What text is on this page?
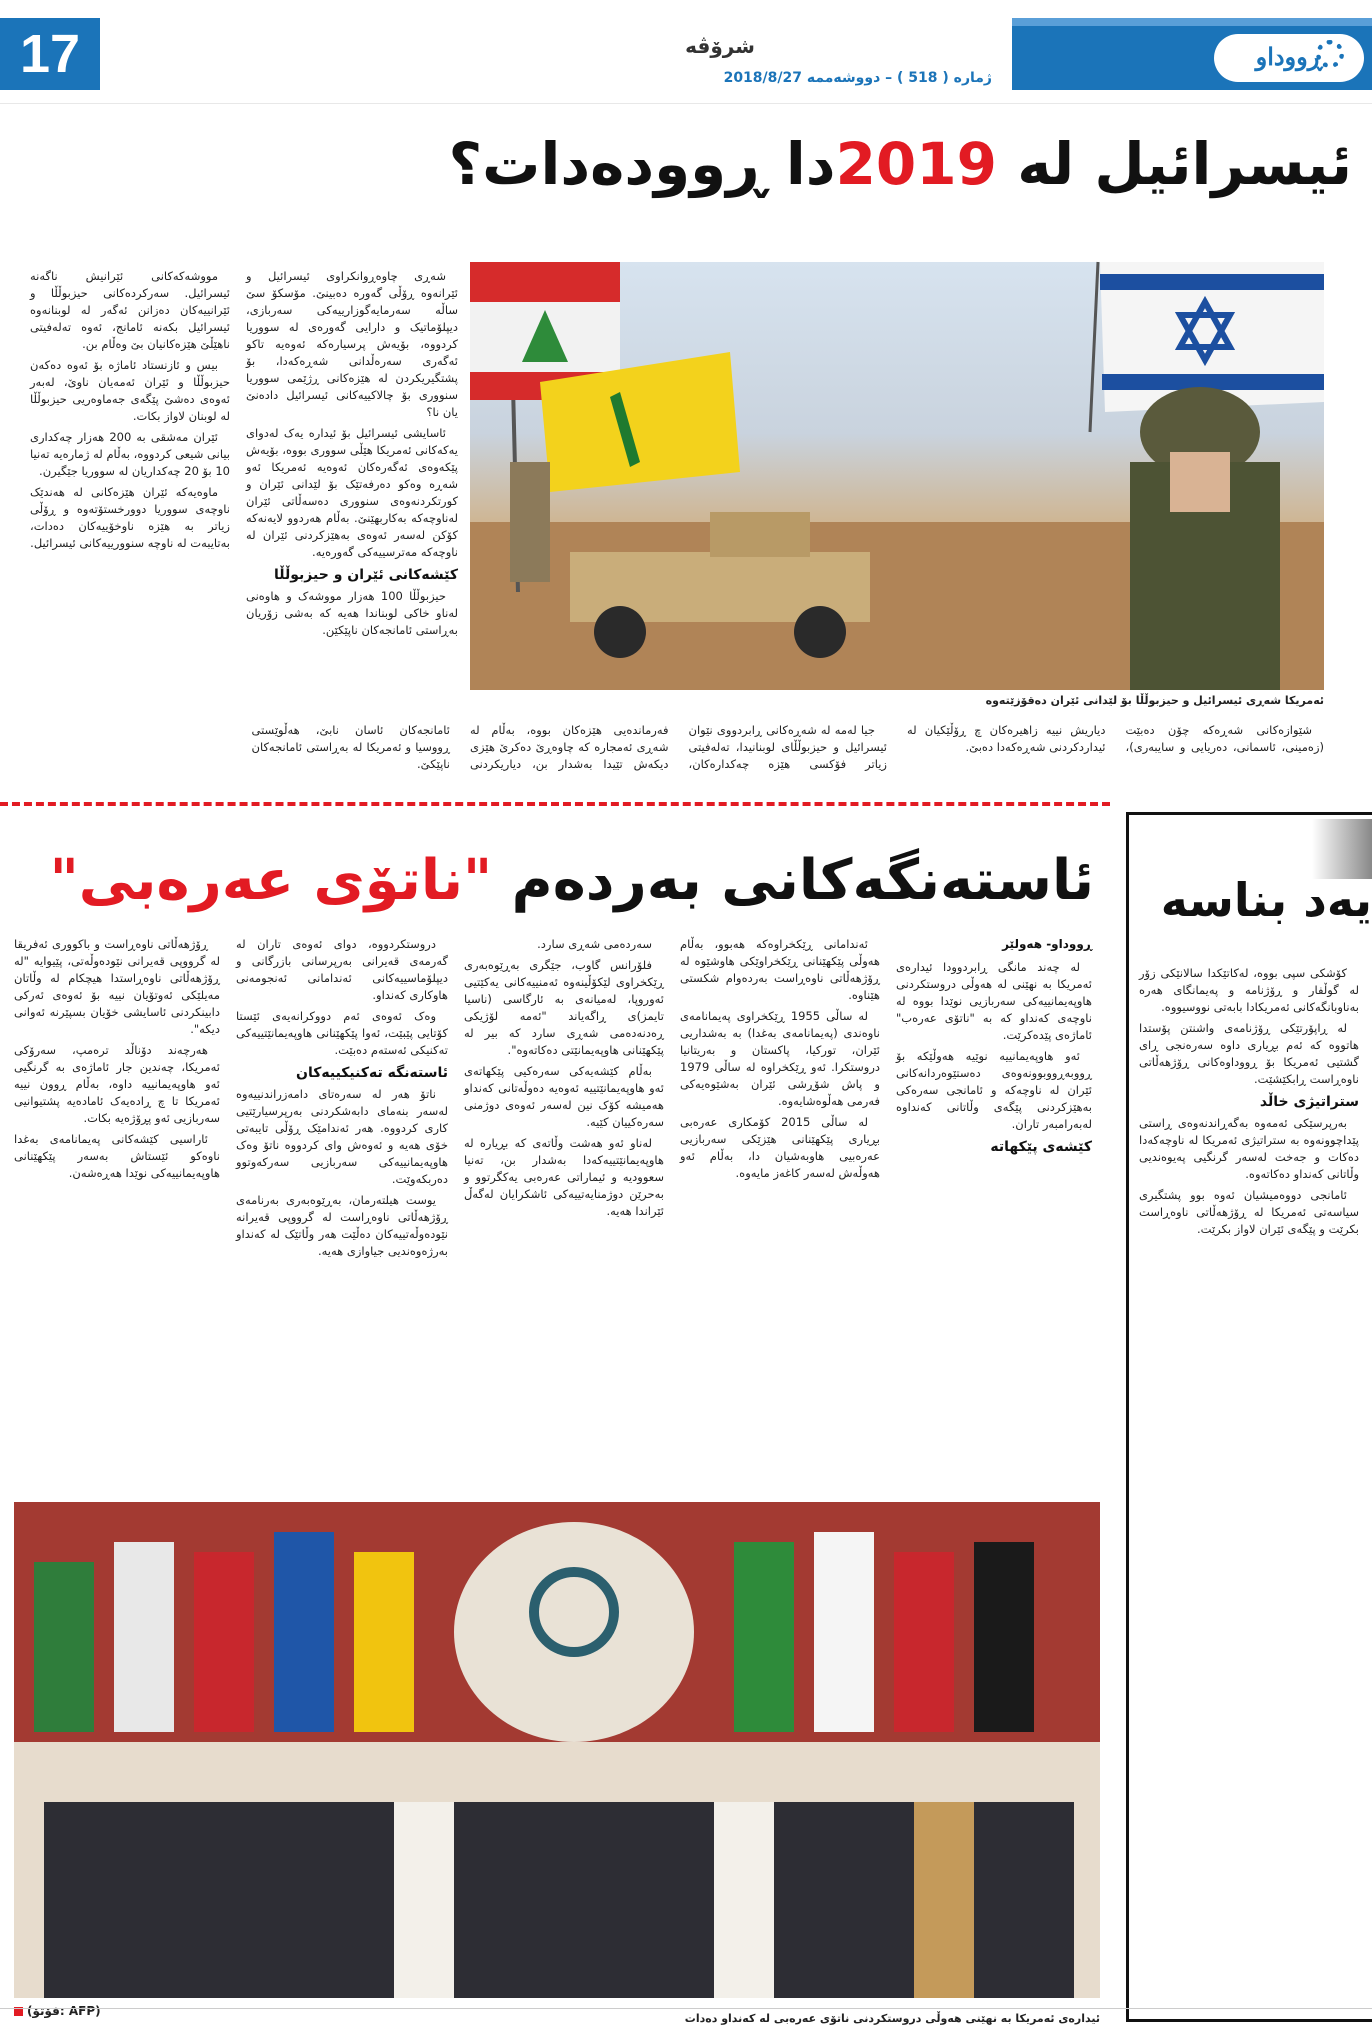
17	شرۆڤە	ڕووداو
ژمارە ( 518 ) – دووشەممە 2018/8/27
ئیسرائیل لە 2019دا ڕوودەدات؟

مووشەکەکانی ئێرانیش ناگەنە ئیسرائیل. سەرکردەکانی حیزبوڵڵا و ئێرانییەکان دەزانن ئەگەر لە لوبنانەوە ئیسرائیل بکەنە ئامانج، ئەوە تەلەفیتی ناهێڵێ هێزەکانیان بێ وەڵام بن.

بیس و ئازنستاد ئاماژە بۆ ئەوە دەکەن حیزبوڵڵا و ئێران ئەمەیان ناوێ، لەبەر ئەوەی دەشێ پێگەی جەماوەریی حیزبوڵڵا لە لوبنان لاواز بکات.

ئێران مەشقی بە 200 هەزار چەکداری بیانی شیعی کردووە، بەڵام لە ژمارەیە تەنیا 10 بۆ 20 چەکداریان لە سووریا جێگیرن.

ماوەیەکە ئێران هێزەکانی لە هەندێک ناوچەی سووریا دوورخستۆتەوە و ڕۆڵی زیاتر بە هێزە ناوخۆییەکان دەدات، بەتایبەت لە ناوچە سنوورییەکانی ئیسرائیل.

شەڕی چاوەڕوانکراوی ئیسرائیل و ئێرانەوە ڕۆڵی گەورە دەبینێ. مۆسکۆ سێ ساڵە سەرمایەگوزارییەکی سەربازی، دیپلۆماتیک و دارایی گەورەی لە سووریا کردووە، بۆیەش پرسیارەکە ئەوەیە تاکو ئەگەری سەرەڵدانی شەڕەکەدا، بۆ پشتگیریکردن لە هێزەکانی ڕژێمی سووریا سنووری بۆ چالاکییەکانی ئیسرائیل دادەنێ یان نا؟

ئاسایشی ئیسرائیل بۆ ئیدارە یەک لەدوای یەکەکانی ئەمریکا هێڵی سووری بووە، بۆیەش پێکەوەی ئەگەرەکان ئەوەیە ئەمریکا ئەو شەڕە وەکو دەرفەتێک بۆ لێدانی ئێران و کورتکردنەوەی سنووری دەسەڵاتی ئێران لەناوچەکە بەکاربهێنێ. بەڵام هەردوو لایەنەکە کۆکن لەسەر ئەوەی بەهێزکردنی ئێران لە ناوچەکە مەترسییەکی گەورەیە.

کێشەکانی ئێران و حیزبوڵڵا

حیزبوڵڵا 100 هەزار مووشەک و هاوەنی لەناو خاکی لوبناندا هەیە کە بەشی زۆریان بەڕاستی ئامانجەکان ناپێکێن.

ئەمریکا شەڕی ئیسرائیل و حیزبوڵڵا بۆ لێدانی ئێران دەقۆزێتەوە

شێوازەکانی شەڕەکە چۆن دەبێت (زەمینی، ئاسمانی، دەریایی و سایبەری)، دیاریش نییە زاهیرەکان چ ڕۆڵێکیان لە ئیداردکردنی شەڕەکەدا دەبێ.

جیا لەمە لە شەڕەکانی ڕابردووی نێوان ئیسرائیل و حیزبوڵڵای لوبنانیدا، تەلەفیتی زیاتر فۆکسی هێزە چەکدارەکان، فەرماندەیی هێزەکان بووە، بەڵام لە شەڕی ئەمجارە کە چاوەڕێ دەکرێ هێزی دیکەش تێیدا بەشدار بن، دیاریکردنی ئامانجەکان ئاسان نابێ، هەڵوێستی ڕووسیا و ئەمریکا لە بەڕاستی ئامانجەکان ناپێکێ.

ئاستەنگەکانی بەردەم "ناتۆی عەرەبی"
ڕووداو- هەولێر

لە چەند مانگی ڕابردوودا ئیدارەی ئەمریکا بە نهێنی لە هەوڵی دروستکردنی هاوپەیمانییەکی سەربازیی نوێدا بووە لە ناوچەی کەنداو کە بە "ناتۆی عەرەب" ئاماژەی پێدەکرێت.

ئەو هاوپەیمانییە نوێیە هەوڵێکە بۆ ڕووبەڕووبوونەوەی دەستێوەردانەکانی ئێران لە ناوچەکە و ئامانجی سەرەکی بەهێزکردنی پێگەی وڵاتانی کەنداوە لەبەرامبەر تاران.

کێشەی پێکهاتە

ئەندامانی ڕێکخراوەکە هەبوو، بەڵام هەوڵی پێکهێنانی ڕێکخراوێکی هاوشێوە لە ڕۆژهەڵاتی ناوەڕاست بەردەوام شکستی هێناوە.

لە ساڵی 1955 ڕێکخراوی پەیمانامەی ناوەندی (پەیمانامەی بەغدا) بە بەشداریی ئێران، تورکیا، پاکستان و بەریتانیا دروستکرا. ئەو ڕێکخراوە لە ساڵی 1979 و پاش شۆڕشی ئێران بەشێوەیەکی فەرمی هەڵوەشایەوە.

لە ساڵی 2015 کۆمکاری عەرەبی بڕیاری پێکهێنانی هێزێکی سەربازیی عەرەبیی هاوبەشیان دا، بەڵام ئەو هەوڵەش لەسەر کاغەز مایەوە.

سەردەمی شەڕی سارد.

فلۆرانس گاوب، جێگری بەڕێوەبەری ڕێکخراوی لێکۆڵینەوە ئەمنییەکانی یەکێتیی ئەوروپا، لەمیانەی بە ئارگاسی (ناسیا تایمز)ی ڕاگەیاند "ئەمە لۆژیکی ڕەدنەدەمی شەڕی سارد کە بیر لە پێکهێنانی هاوپەیمانێتی دەکاتەوە".

بەڵام کێشەیەکی سەرەکیی پێکهاتەی ئەو هاوپەیمانێتییە ئەوەیە دەوڵەتانی کەنداو هەمیشە کۆک نین لەسەر ئەوەی دوژمنی سەرەکییان کێیە.

لەناو ئەو هەشت وڵاتەی کە بڕیارە لە هاوپەیمانێتییەکەدا بەشدار بن، تەنیا سعوودیە و ئیماراتی عەرەبی یەکگرتوو و بەحرێن دوژمنایەتییەکی ئاشکرایان لەگەڵ ئێراندا هەیە.

دروستکردووە، دوای ئەوەی تاران لە گەرمەی قەیرانی بەرپرسانی بازرگانی و دیپلۆماسییەکانی ئەندامانی ئەنجومەنی هاوکاری کەنداو.

وەک ئەوەی ئەم دووکرانەیەی ئێستا کۆتایی پێبێت، ئەوا پێکهێنانی هاوپەیمانێتییەکی تەکنیکی ئەستەم دەبێت.

ئاستەنگە تەکنیکییەکان

ناتۆ هەر لە سەرەتای دامەزراندنییەوە لەسەر بنەمای دابەشکردنی بەرپرسیارێتیی کاری کردووە. هەر ئەندامێک ڕۆڵی تایبەتی خۆی هەیە و ئەوەش وای کردووە ناتۆ وەک هاوپەیمانییەکی سەربازیی سەرکەوتوو دەربکەوێت.

یوست هیلتەرمان، بەڕێوەبەری بەرنامەی ڕۆژهەڵاتی ناوەڕاست لە گرووپی قەیرانە نێودەوڵەتییەکان دەڵێت هەر وڵاتێک لە کەنداو بەرژەوەندیی جیاوازی هەیە.

ڕۆژهەڵاتی ناوەڕاست و باکووری ئەفریقا لە گرووپی قەیرانی نێودەوڵەتی، پێیوایە "لە ڕۆژهەڵاتی ناوەڕاستدا هیچکام لە وڵاتان مەیلێکی ئەوتۆیان نییە بۆ ئەوەی ئەرکی دابینکردنی ئاسایشی خۆیان بسپێرنە ئەوانی دیکە".

هەرچەند دۆناڵد ترەمپ، سەرۆکی ئەمریکا، چەندین جار ئاماژەی بە گرنگیی ئەو هاوپەیمانییە داوە، بەڵام ڕوون نییە ئەمریکا تا چ ڕادەیەک ئامادەیە پشتیوانیی سەربازیی ئەو پڕۆژەیە بکات.

ئاراسیی کێشەکانی پەیمانامەی بەغدا ناوەکو ئێستاش بەسەر پێکهێنانی هاوپەیمانییەکی نوێدا هەڕەشەن.

ئیدارەی ئەمریکا بە نهێنی هەوڵی دروستکردنی ناتۆی عەرەبی لە کەنداو دەدات
(فۆتۆ: AFP)
یەد بناسە

کۆشکی سپی بووە، لەکاتێکدا سالانێکی زۆر لە گوڵفار و ڕۆژنامە و پەیمانگای هەرە بەناوبانگەکانی ئەمریکادا بابەتی نووسیووە.

لە ڕاپۆرتێکی ڕۆژنامەی واشنتن پۆستدا هاتووە کە ئەم بڕیاری داوە سەرەنجی ڕای گشتیی ئەمریکا بۆ ڕووداوەکانی ڕۆژهەڵاتی ناوەڕاست ڕابکێشێت.

ستراتیژی خاڵد

بەرپرسێکی ئەمەوە بەگەڕاندنەوەی ڕاستی پێداچوونەوە بە ستراتیژی ئەمریکا لە ناوچەکەدا دەکات و جەخت لەسەر گرنگیی پەیوەندیی وڵاتانی کەنداو دەکاتەوە.

ئامانجی دووەمیشیان ئەوە بوو پشتگیری سیاسەتی ئەمریکا لە ڕۆژهەڵاتی ناوەڕاست بکرێت و پێگەی ئێران لاواز بکرێت.
